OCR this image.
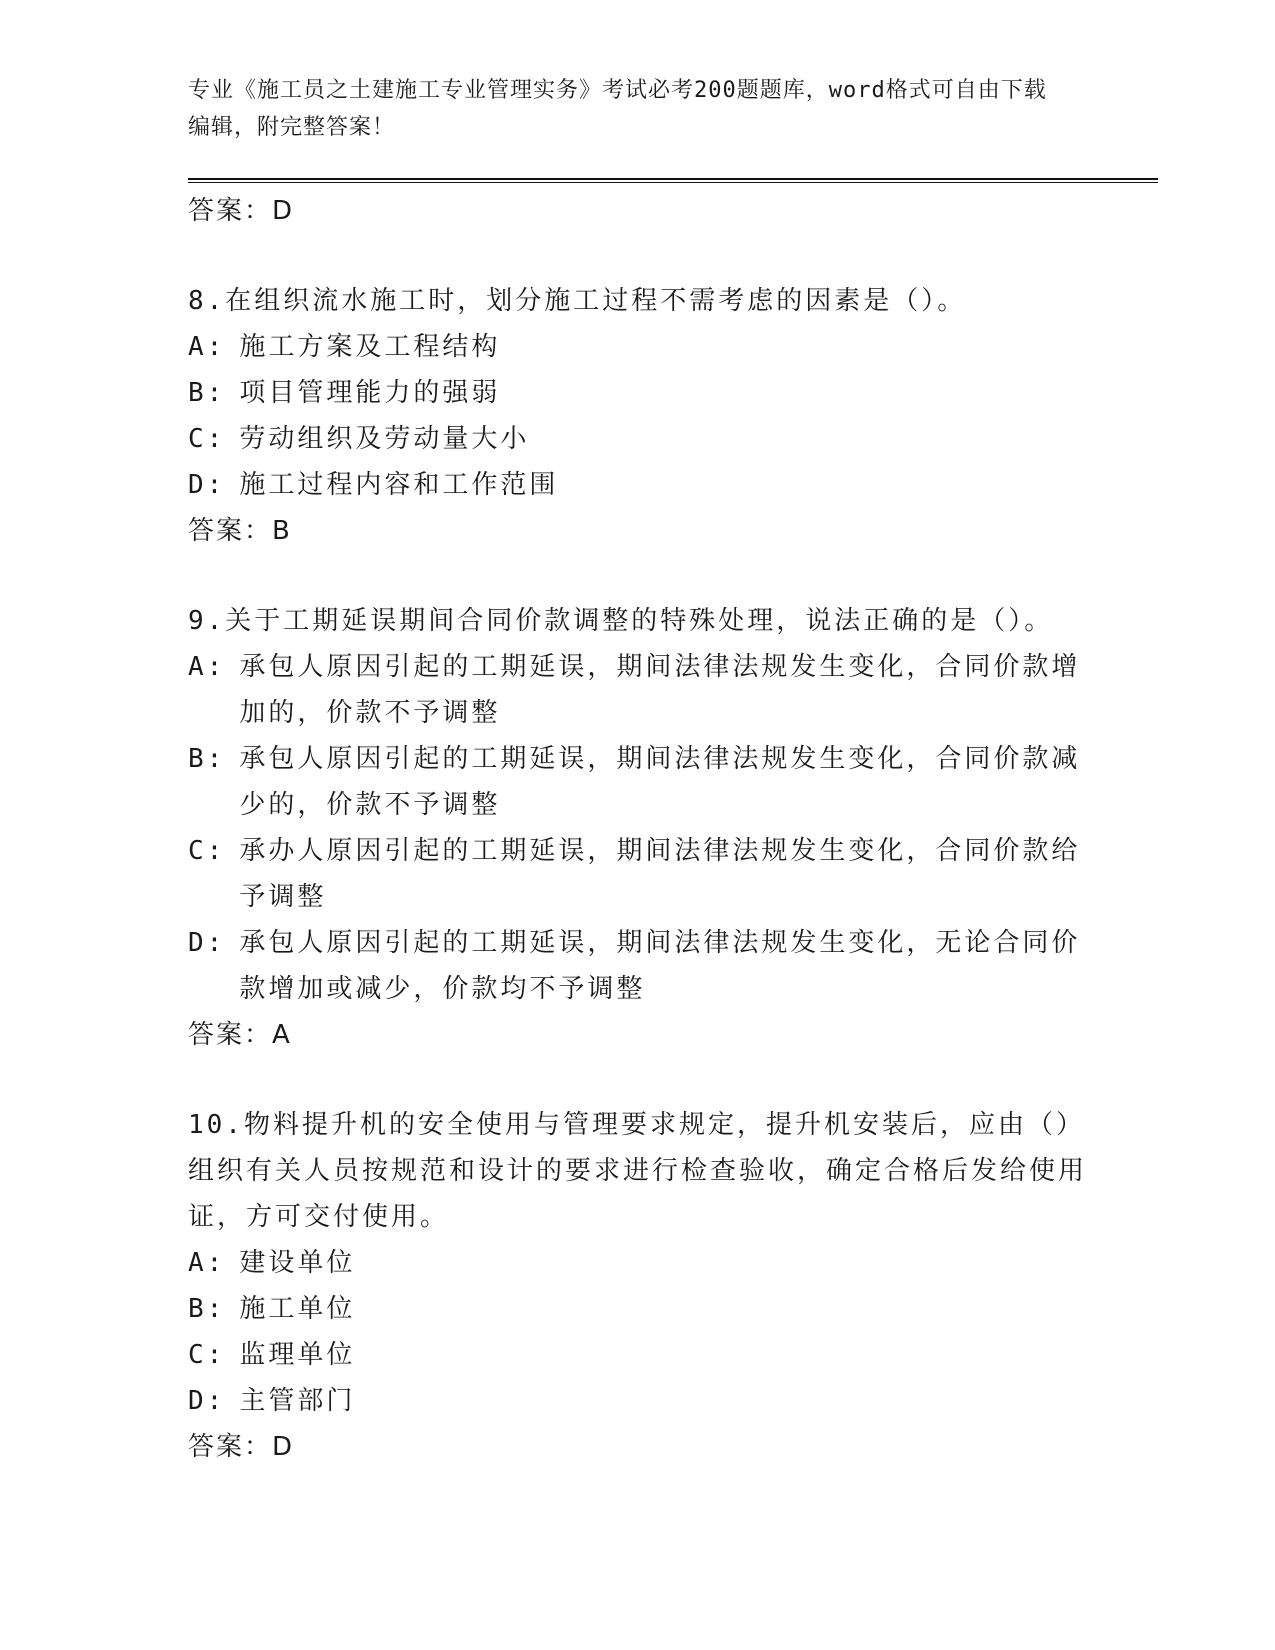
专业《施工员之土建施工专业管理实务》考试必考200题题库，word格式可自由下载编辑，附完整答案！

答案：D

8.在组织流水施工时，划分施工过程不需考虑的因素是（）。

A: 施工方案及工程结构
B: 项目管理能力的强弱
C: 劳动组织及劳动量大小
D: 施工过程内容和工作范围

答案：B

9.关于工期延误期间合同价款调整的特殊处理，说法正确的是（）。

A: 承包人原因引起的工期延误，期间法律法规发生变化，合同价款增加的，价款不予调整
B: 承包人原因引起的工期延误，期间法律法规发生变化，合同价款减少的，价款不予调整
C: 承办人原因引起的工期延误，期间法律法规发生变化，合同价款给予调整
D: 承包人原因引起的工期延误，期间法律法规发生变化，无论合同价款增加或减少，价款均不予调整

答案：A

10.物料提升机的安全使用与管理要求规定，提升机安装后，应由（）组织有关人员按规范和设计的要求进行检查验收，确定合格后发给使用证，方可交付使用。

A: 建设单位
B: 施工单位
C: 监理单位
D: 主管部门

答案：D
